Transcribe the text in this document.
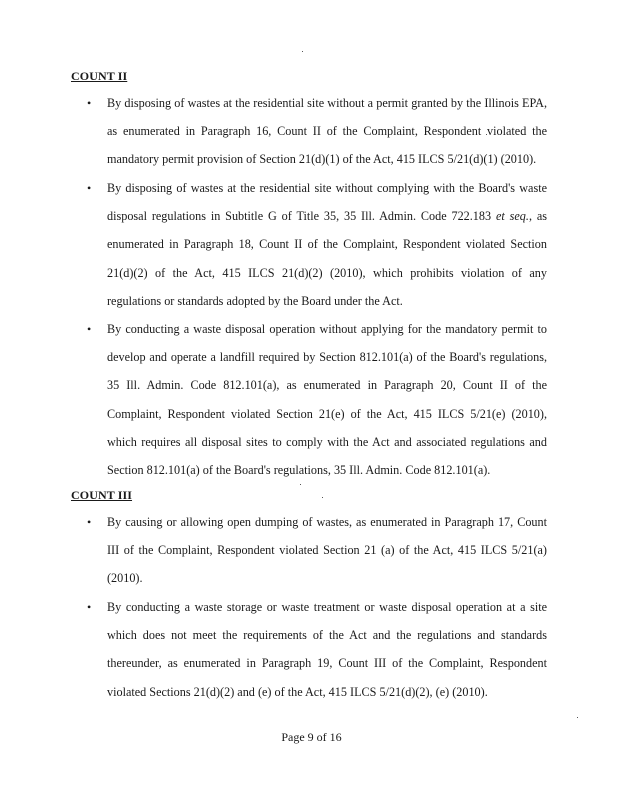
COUNT II
• By disposing of wastes at the residential site without a permit granted by the Illinois EPA, as enumerated in Paragraph 16, Count II of the Complaint, Respondent violated the mandatory permit provision of Section 21(d)(1) of the Act, 415 ILCS 5/21(d)(1) (2010).

• By disposing of wastes at the residential site without complying with the Board's waste disposal regulations in Subtitle G of Title 35, 35 Ill. Admin. Code 722.183 et seq., as enumerated in Paragraph 18, Count II of the Complaint, Respondent violated Section 21(d)(2) of the Act, 415 ILCS 21(d)(2) (2010), which prohibits violation of any regulations or standards adopted by the Board under the Act.

• By conducting a waste disposal operation without applying for the mandatory permit to develop and operate a landfill required by Section 812.101(a) of the Board's regulations, 35 Ill. Admin. Code 812.101(a), as enumerated in Paragraph 20, Count II of the Complaint, Respondent violated Section 21(e) of the Act, 415 ILCS 5/21(e) (2010), which requires all disposal sites to comply with the Act and associated regulations and Section 812.101(a) of the Board's regulations, 35 Ill. Admin. Code 812.101(a).

COUNT III
• By causing or allowing open dumping of wastes, as enumerated in Paragraph 17, Count III of the Complaint, Respondent violated Section 21 (a) of the Act, 415 ILCS 5/21(a) (2010).

• By conducting a waste storage or waste treatment or waste disposal operation at a site which does not meet the requirements of the Act and the regulations and standards thereunder, as enumerated in Paragraph 19, Count III of the Complaint, Respondent violated Sections 21(d)(2) and (e) of the Act, 415 ILCS 5/21(d)(2), (e) (2010).

Page 9 of 16
